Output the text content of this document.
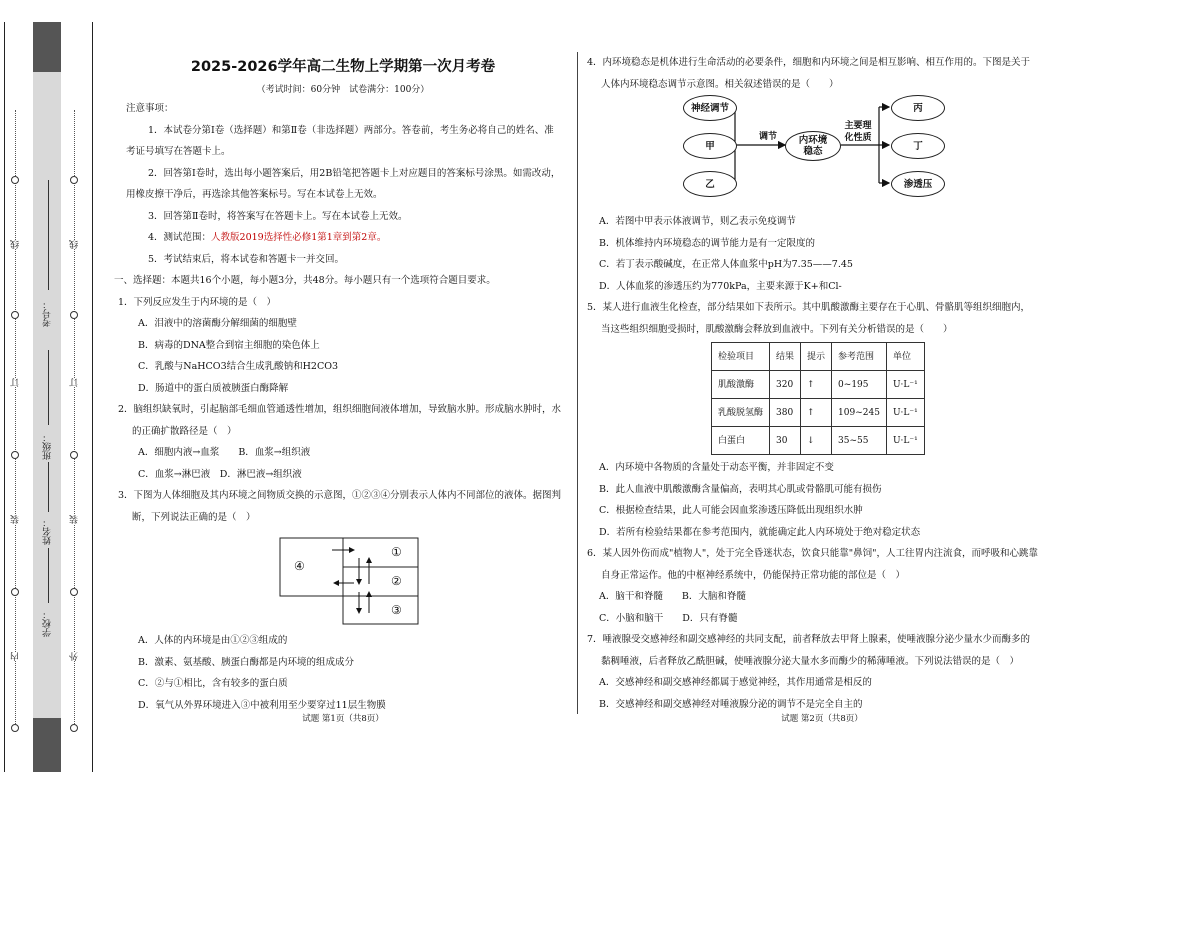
线
订
装
内
线
订
装
外
考号：
班级：
姓名：
学校：
2025-2026学年高二生物上学期第一次月考卷
（考试时间：60分钟　试卷满分：100分）
注意事项：
1．本试卷分第Ⅰ卷（选择题）和第Ⅱ卷（非选择题）两部分。答卷前，考生务必将自己的姓名、准
考证号填写在答题卡上。
2．回答第Ⅰ卷时，选出每小题答案后，用2B铅笔把答题卡上对应题目的答案标号涂黑。如需改动，
用橡皮擦干净后，再选涂其他答案标号。写在本试卷上无效。
3．回答第Ⅱ卷时，将答案写在答题卡上。写在本试卷上无效。
4．测试范围：人教版2019选择性必修1第1章到第2章。
5．考试结束后，将本试卷和答题卡一并交回。
一、选择题：本题共16个小题，每小题3分，共48分。每小题只有一个选项符合题目要求。
1．下列反应发生于内环境的是（　）
A．泪液中的溶菌酶分解细菌的细胞壁
B．病毒的DNA整合到宿主细胞的染色体上
C．乳酸与NaHCO3结合生成乳酸钠和H2CO3
D．肠道中的蛋白质被胰蛋白酶降解
2．脑组织缺氧时，引起脑部毛细血管通透性增加，组织细胞间液体增加，导致脑水肿。形成脑水肿时，水
的正确扩散路径是（　）
A．细胞内液→血浆　　B．血浆→组织液
C．血浆→淋巴液　D．淋巴液→组织液
3．下图为人体细胞及其内环境之间物质交换的示意图，①②③④分别表示人体内不同部位的液体。据图判
断，下列说法正确的是（　）
④
①
②
③
A．人体的内环境是由①②③组成的
B．激素、氨基酸、胰蛋白酶都是内环境的组成成分
C．②与①相比，含有较多的蛋白质
D．氧气从外界环境进入③中被利用至少要穿过11层生物膜
试题 第1页（共8页）
4．内环境稳态是机体进行生命活动的必要条件，细胞和内环境之间是相互影响、相互作用的。下图是关于
人体内环境稳态调节示意图。相关叙述错误的是（　　）
神经调节
甲
乙
调节	内环境
稳态
主要理
化性质
丙
丁
渗透压
A．若图中甲表示体液调节，则乙表示免疫调节
B．机体维持内环境稳态的调节能力是有一定限度的
C．若丁表示酸碱度，在正常人体血浆中pH为7.35——7.45
D．人体血浆的渗透压约为770kPa，主要来源于K+和Cl-
5．某人进行血液生化检查，部分结果如下表所示。其中肌酸激酶主要存在于心肌、骨骼肌等组织细胞内，
当这些组织细胞受损时，肌酸激酶会释放到血液中。下列有关分析错误的是（　　）
检验项目	结果	提示	参考范围	单位
肌酸激酶	320	↑	0~195	U·L⁻¹
乳酸脱氢酶	380	↑	109~245	U·L⁻¹
白蛋白	30	↓	35~55	U·L⁻¹
A．内环境中各物质的含量处于动态平衡，并非固定不变
B．此人血液中肌酸激酶含量偏高，表明其心肌或骨骼肌可能有损伤
C．根据检查结果，此人可能会因血浆渗透压降低出现组织水肿
D．若所有检验结果都在参考范围内，就能确定此人内环境处于绝对稳定状态
6．某人因外伤而成"植物人"，处于完全昏迷状态，饮食只能靠"鼻饲"，人工往胃内注流食，而呼吸和心跳靠
自身正常运作。他的中枢神经系统中，仍能保持正常功能的部位是（　）
A．脑干和脊髓　　B．大脑和脊髓
C．小脑和脑干　　D．只有脊髓
7．唾液腺受交感神经和副交感神经的共同支配，前者释放去甲肾上腺素，使唾液腺分泌少量水少而酶多的
黏稠唾液，后者释放乙酰胆碱，使唾液腺分泌大量水多而酶少的稀薄唾液。下列说法错误的是（　）
A．交感神经和副交感神经都属于感觉神经，其作用通常是相反的
B．交感神经和副交感神经对唾液腺分泌的调节不是完全自主的
试题 第2页（共8页）
